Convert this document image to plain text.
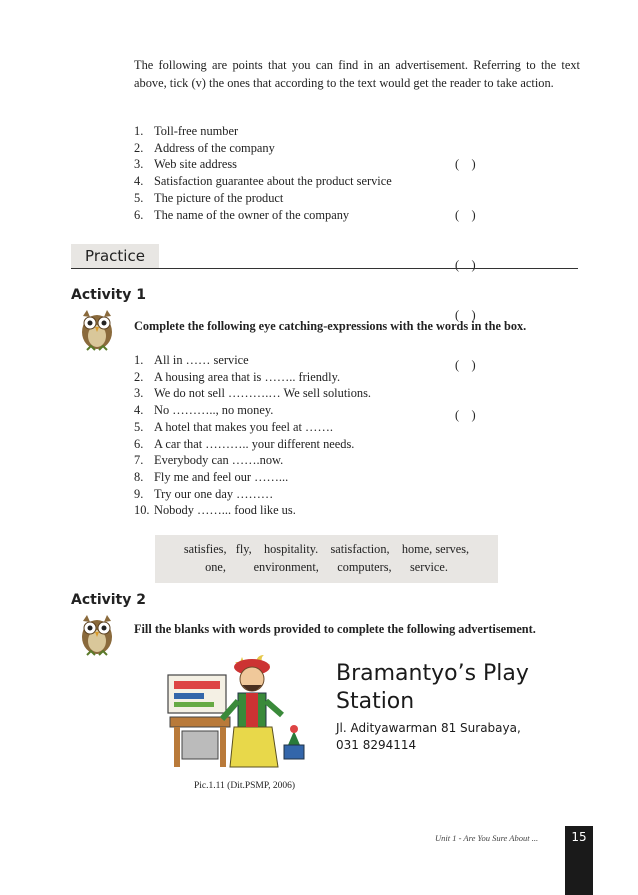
The following are points that you can find in an advertisement. Referring to the text above, tick (v) the ones that according to the text would get the reader to take action.
1. Toll-free number
2. Address of the company
3. Web site address
4. Satisfaction guarantee about the product service
5. The picture of the product
6. The name of the owner of the company

(    )

(    )

(    )

(    )

(    )

(    )

Practice
Activity 1
Complete the following eye catching-expressions with the words in the box.
1. All in …… service
2. A housing area that is …….. friendly.
3. We do not sell ……….… We sell solutions.
4. No ……….., no money.
5. A hotel that makes you feel at …….
6. A car that ……….. your different needs.
7. Everybody can …….now.
8. Fly me and feel our ……...
9. Try our one day ………
10. Nobody ……... food like us.

satisfies,   fly,    hospitality.    satisfaction,    home, serves,

one,         environment,      computers,      service.

Activity 2
Fill the blanks with words provided to complete the following advertisement.
Bramantyo’s Play
Station
Jl. Adityawarman 81 Surabaya,
031 8294114
Pic.1.11 (Dit.PSMP, 2006)
Unit 1 - Are You Sure About ...	15
